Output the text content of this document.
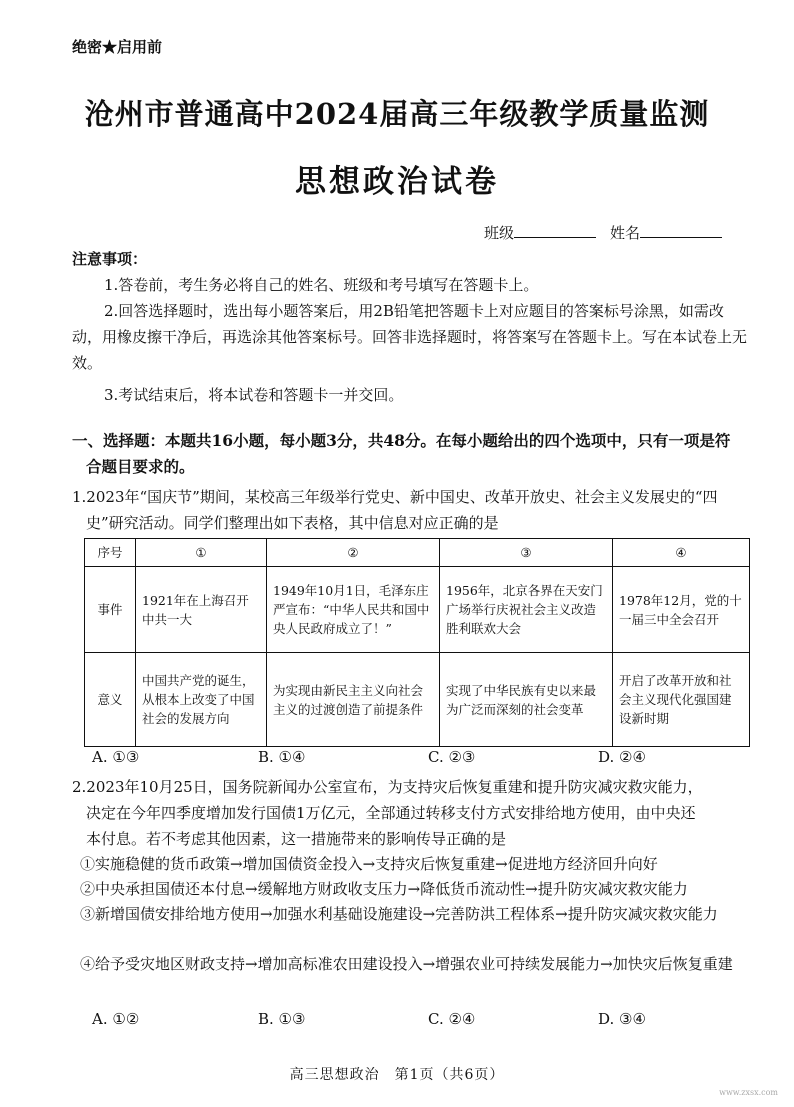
绝密★启用前
沧州市普通高中2024届高三年级教学质量监测
思想政治试卷
班级	姓名
注意事项：
1.答卷前，考生务必将自己的姓名、班级和考号填写在答题卡上。
2.回答选择题时，选出每小题答案后，用2B铅笔把答题卡上对应题目的答案标号涂黑，如需改动，用橡皮擦干净后，再选涂其他答案标号。回答非选择题时，将答案写在答题卡上。写在本试卷上无效。
3.考试结束后，将本试卷和答题卡一并交回。
一、选择题：本题共16小题，每小题3分，共48分。在每小题给出的四个选项中，只有一项是符
合题目要求的。
1.2023年“国庆节”期间，某校高三年级举行党史、新中国史、改革开放史、社会主义发展史的“四
史”研究活动。同学们整理出如下表格，其中信息对应正确的是
序号	①	②	③	④
事件	1921年在上海召开中共一大	1949年10月1日，毛泽东庄严宣布：“中华人民共和国中央人民政府成立了！”	1956年，北京各界在天安门广场举行庆祝社会主义改造胜利联欢大会	1978年12月，党的十一届三中全会召开
意义	中国共产党的诞生，从根本上改变了中国社会的发展方向	为实现由新民主主义向社会主义的过渡创造了前提条件	实现了中华民族有史以来最为广泛而深刻的社会变革	开启了改革开放和社会主义现代化强国建设新时期
A. ①③	B. ①④	C. ②③	D. ②④
2.2023年10月25日，国务院新闻办公室宣布，为支持灾后恢复重建和提升防灾减灾救灾能力，
决定在今年四季度增加发行国债1万亿元，全部通过转移支付方式安排给地方使用，由中央还
本付息。若不考虑其他因素，这一措施带来的影响传导正确的是
①实施稳健的货币政策→增加国债资金投入→支持灾后恢复重建→促进地方经济回升向好
②中央承担国债还本付息→缓解地方财政收支压力→降低货币流动性→提升防灾减灾救灾能力
③新增国债安排给地方使用→加强水利基础设施建设→完善防洪工程体系→提升防灾减灾救灾能力
④给予受灾地区财政支持→增加高标准农田建设投入→增强农业可持续发展能力→加快灾后恢复重建
A. ①②	B. ①③	C. ②④	D. ③④
高三思想政治　第1页（共6页）
www.zxsx.com
